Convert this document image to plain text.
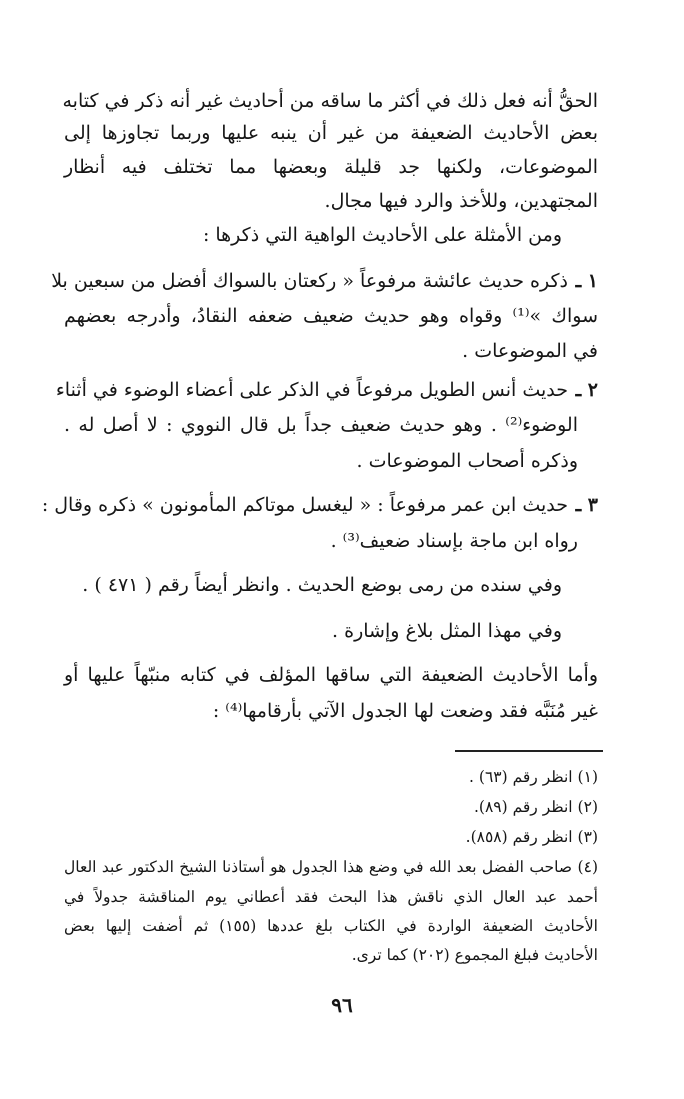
الحقُّ أنه فعل ذلك في أكثر ما ساقه من أحاديث غير أنه ذكر في كتابه
بعض الأحاديث الضعيفة من غير أن ينبه عليها وربما تجاوزها إلى
الموضوعات، ولكنها جد قليلة وبعضها مما تختلف فيه أنظار
المجتهدين، وللأخذ والرد فيها مجال.
ومن الأمثلة على الأحاديث الواهية التي ذكرها :
١ ـ
ذكره حديث عائشة مرفوعاً « ركعتان بالسواك أفضل من سبعين بلا
سواك »⁽¹⁾ وقواه وهو حديث ضعيف ضعفه النقادُ، وأدرجه بعضهم
في الموضوعات .
٢ ـ
حديث أنس الطويل مرفوعاً في الذكر على أعضاء الوضوء في أثناء
الوضوء⁽²⁾ . وهو حديث ضعيف جداً بل قال النووي : لا أصل له .
وذكره أصحاب الموضوعات .
٣ ـ
حديث ابن عمر مرفوعاً : « ليغسل موتاكم المأمونون » ذكره وقال :
رواه ابن ماجة بإسناد ضعيف⁽³⁾ .
وفي سنده من رمى بوضع الحديث . وانظر أيضاً رقم ( ٤٧١ ) .
وفي مهذا المثل بلاغ وإشارة .
وأما الأحاديث الضعيفة التي ساقها المؤلف في كتابه منبّهاً عليها أو
غير مُنَبَّه فقد وضعت لها الجدول الآتي بأرقامها⁽⁴⁾ :
(١) انظر رقم (٦٣) .
(٢) انظر رقم (٨٩).
(٣) انظر رقم (٨٥٨).
(٤)
صاحب الفضل بعد الله في وضع هذا الجدول هو أستاذنا الشيخ الدكتور عبد العال
أحمد عبد العال الذي ناقش هذا البحث فقد أعطاني يوم المناقشة جدولاً في
الأحاديث الضعيفة الواردة في الكتاب بلغ عددها (١٥٥) ثم أضفت إليها بعض
الأحاديث فبلغ المجموع (٢٠٢) كما ترى.
٩٦
